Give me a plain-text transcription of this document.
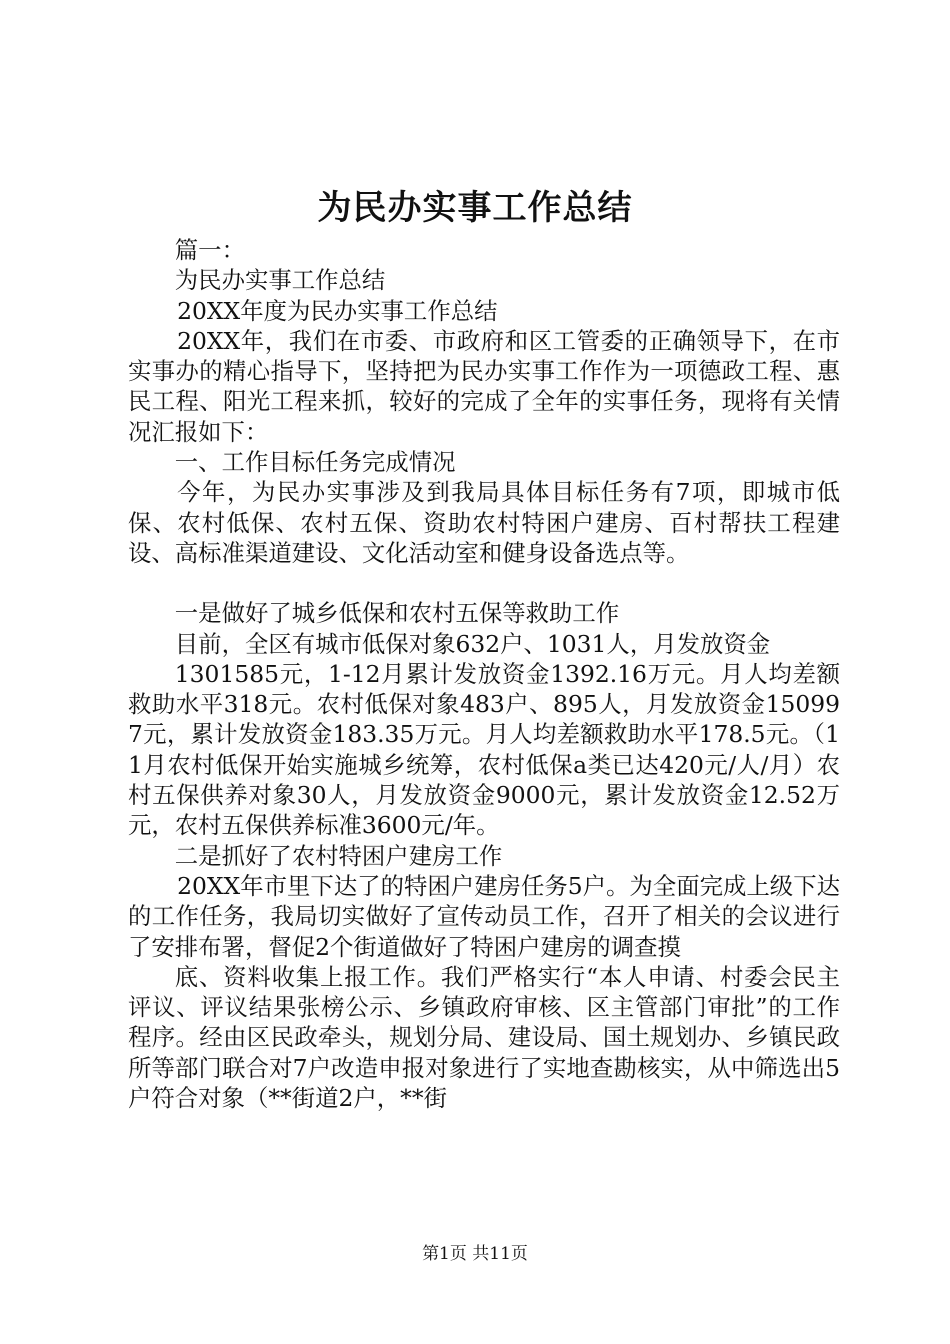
为民办实事工作总结

篇一：

为民办实事工作总结

20XX年度为民办实事工作总结

20XX年，我们在市委、市政府和区工管委的正确领导下，在市实事办的精心指导下，坚持把为民办实事工作作为一项德政工程、惠民工程、阳光工程来抓，较好的完成了全年的实事任务，现将有关情况汇报如下：

一、工作目标任务完成情况

今年，为民办实事涉及到我局具体目标任务有7项，即城市低保、农村低保、农村五保、资助农村特困户建房、百村帮扶工程建设、高标准渠道建设、文化活动室和健身设备选点等。

一是做好了城乡低保和农村五保等救助工作

目前，全区有城市低保对象632户、1031人，月发放资金

1301585元，1-12月累计发放资金1392.16万元。月人均差额救助水平318元。农村低保对象483户、895人，月发放资金150997元，累计发放资金183.35万元。月人均差额救助水平178.5元。（11月农村低保开始实施城乡统筹，农村低保a类已达420元/人/月）农村五保供养对象30人，月发放资金9000元，累计发放资金12.52万元，农村五保供养标准3600元/年。

二是抓好了农村特困户建房工作

20XX年市里下达了的特困户建房任务5户。为全面完成上级下达的工作任务，我局切实做好了宣传动员工作，召开了相关的会议进行了安排布署，督促2个街道做好了特困户建房的调查摸

底、资料收集上报工作。我们严格实行“本人申请、村委会民主评议、评议结果张榜公示、乡镇政府审核、区主管部门审批”的工作程序。经由区民政牵头，规划分局、建设局、国土规划办、乡镇民政所等部门联合对7户改造申报对象进行了实地查勘核实，从中筛选出5户符合对象（**街道2户，**街

第1页 共11页
